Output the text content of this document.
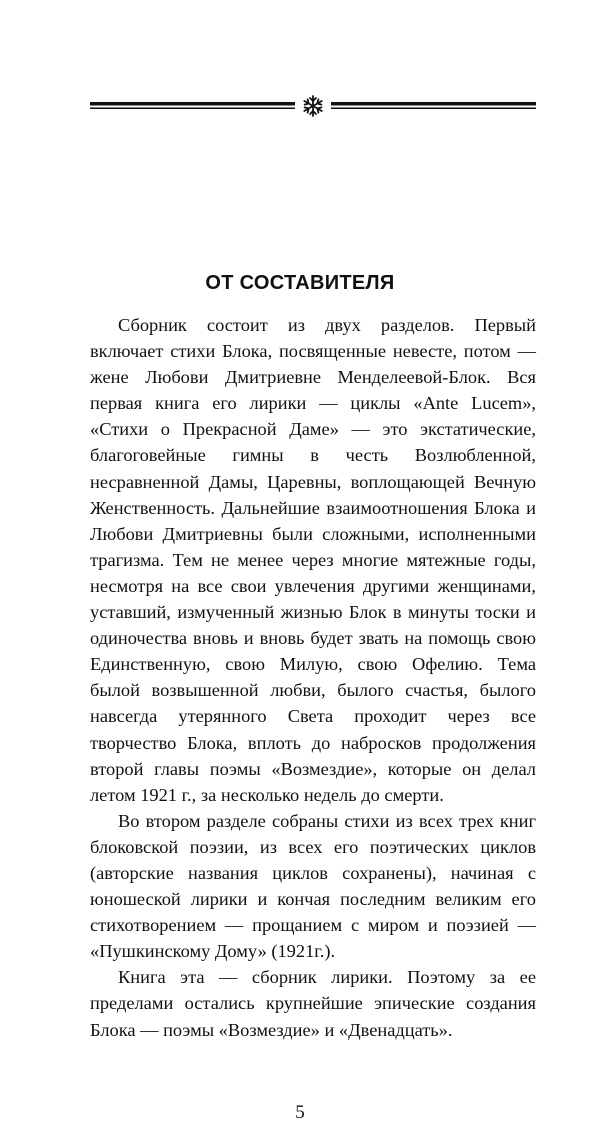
ОТ СОСТАВИТЕЛЯ

Сборник состоит из двух разделов. Первый включает стихи Блока, посвященные невесте, потом — жене Любови Дмитриевне Менделеевой-Блок. Вся первая книга его лирики — циклы «Ante Lucem», «Стихи о Прекрасной Даме» — это экстатические, благоговейные гимны в честь Возлюбленной, несравненной Дамы, Царевны, воплощающей Вечную Женственность. Дальнейшие взаимоотношения Блока и Любови Дмитриевны были сложными, исполненными трагизма. Тем не менее через многие мятежные годы, несмотря на все свои увлечения другими женщинами, уставший, измученный жизнью Блок в минуты тоски и одиночества вновь и вновь будет звать на помощь свою Единственную, свою Милую, свою Офелию. Тема былой возвышенной любви, былого счастья, былого навсегда утерянного Света проходит через все творчество Блока, вплоть до набросков продолжения второй главы поэмы «Возмездие», которые он делал летом 1921 г., за несколько недель до смерти.

Во втором разделе собраны стихи из всех трех книг блоковской поэзии, из всех его поэтических циклов (авторские названия циклов сохранены), начиная с юношеской лирики и кончая последним великим его стихотворением — прощанием с миром и поэзией — «Пушкинскому Дому» (1921г.).

Книга эта — сборник лирики. Поэтому за ее пределами остались крупнейшие эпические создания Блока — поэмы «Возмездие» и «Двенадцать».

5
